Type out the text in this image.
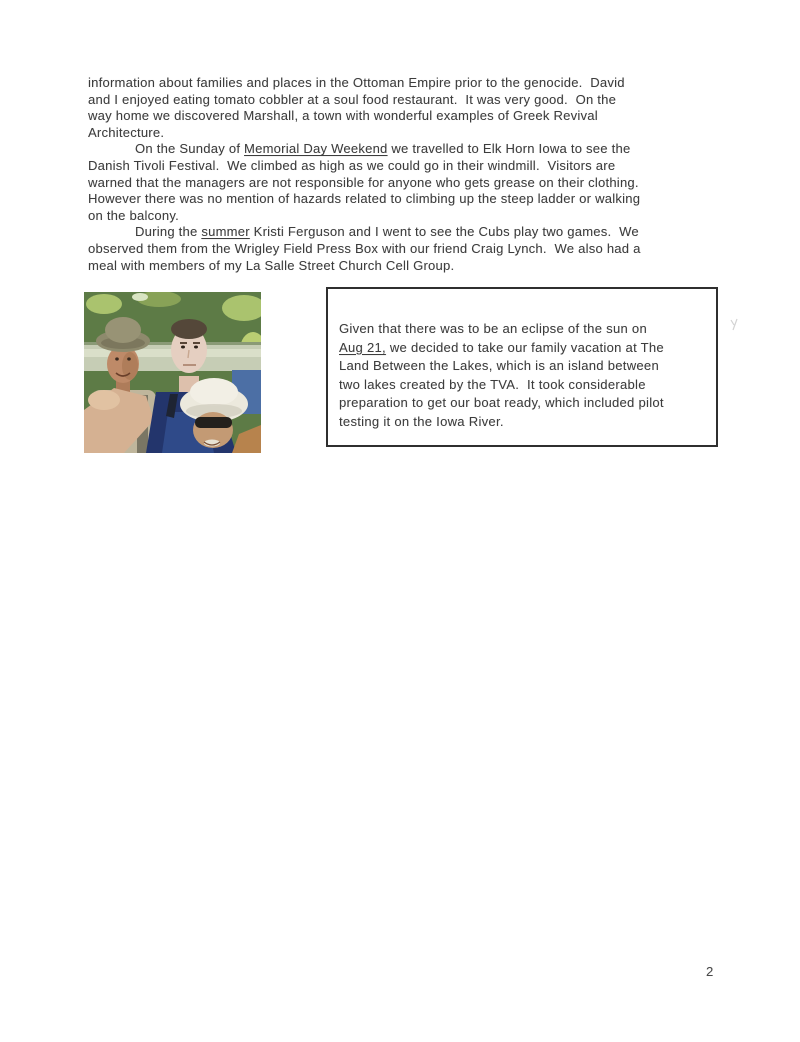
information about families and places in the Ottoman Empire prior to the genocide.  David
and I enjoyed eating tomato cobbler at a soul food restaurant.  It was very good.  On the
way home we discovered Marshall, a town with wonderful examples of Greek Revival
Architecture.
On the Sunday of Memorial Day Weekend we travelled to Elk Horn Iowa to see the
Danish Tivoli Festival.  We climbed as high as we could go in their windmill.  Visitors are
warned that the managers are not responsible for anyone who gets grease on their clothing.
However there was no mention of hazards related to climbing up the steep ladder or walking
on the balcony.
During the summer Kristi Ferguson and I went to see the Cubs play two games.  We
observed them from the Wrigley Field Press Box with our friend Craig Lynch.  We also had a
meal with members of my La Salle Street Church Cell Group.
Given that there was to be an eclipse of the sun on
Aug 21, we decided to take our family vacation at The
Land Between the Lakes, which is an island between
two lakes created by the TVA.  It took considerable
preparation to get our boat ready, which included pilot
testing it on the Iowa River.
2
